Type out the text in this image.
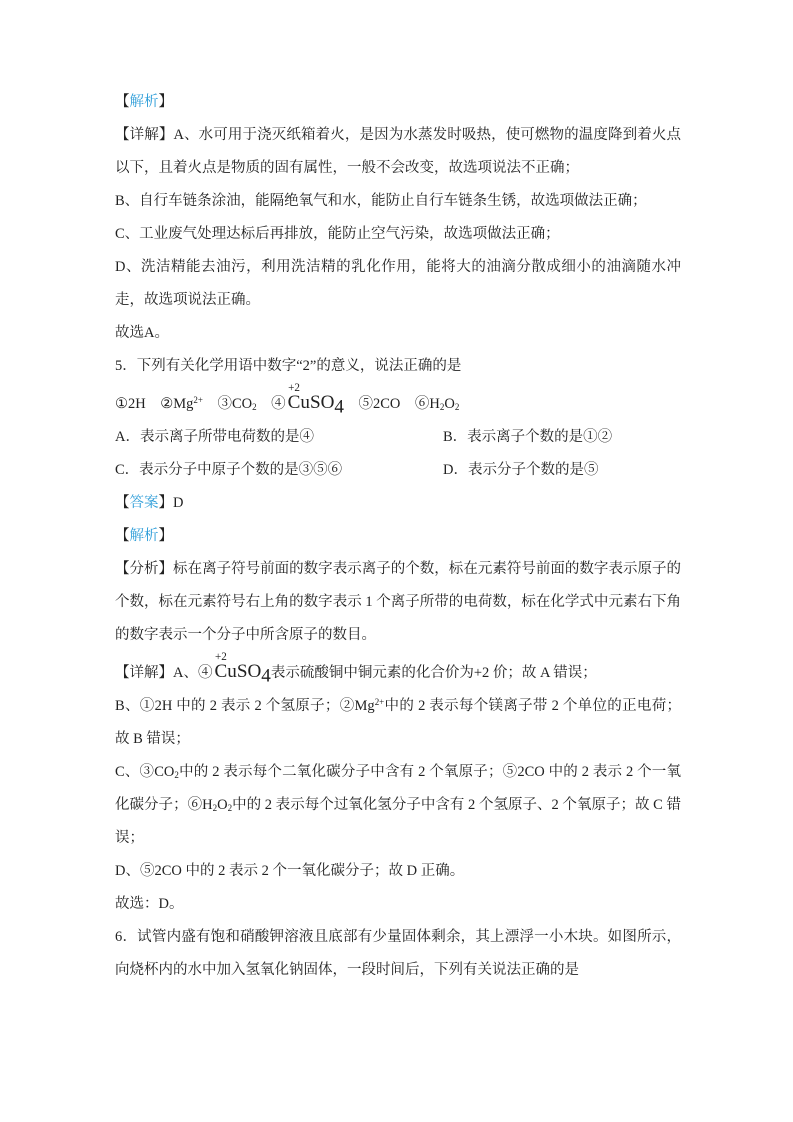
【解析】
【详解】A、水可用于浇灭纸箱着火，是因为水蒸发时吸热，使可燃物的温度降到着火点以下，且着火点是物质的固有属性，一般不会改变，故选项说法不正确；
B、自行车链条涂油，能隔绝氧气和水，能防止自行车链条生锈，故选项做法正确；
C、工业废气处理达标后再排放，能防止空气污染，故选项做法正确；
D、洗洁精能去油污，利用洗洁精的乳化作用，能将大的油滴分散成细小的油滴随水冲走，故选项说法正确。
故选A。
5．下列有关化学用语中数字“2”的意义，说法正确的是
①2H　$②Mg^{2+}$　$③CO_2$　④
+2
CuSO$_4$　⑤2CO　$⑥H_2O_2$
A．表示离子所带电荷数的是④	B．表示离子个数的是①②
C．表示分子中原子个数的是③⑤⑥	D．表示分子个数的是⑤
【答案】D
【解析】
【分析】标在离子符号前面的数字表示离子的个数，标在元素符号前面的数字表示原子的个数，标在元素符号右上角的数字表示 1 个离子所带的电荷数，标在化学式中元素右下角的数字表示一个分子中所含原子的数目。
【详解】A、④
+2
CuSO$_4$表示硫酸铜中铜元素的化合价为+2 价；故 A 错误；
B、①2H 中的 2 表示 2 个氢原子；$②Mg^{2+}$中的 2 表示每个镁离子带 2 个单位的正电荷；故 B 错误；
C、$③CO_2$中的 2 表示每个二氧化碳分子中含有 2 个氧原子；⑤2CO 中的 2 表示 2 个一氧化碳分子；$⑥H_2O_2$中的 2 表示每个过氧化氢分子中含有 2 个氢原子、2 个氧原子；故 C 错误；
D、⑤2CO 中的 2 表示 2 个一氧化碳分子；故 D 正确。
故选：D。
6．试管内盛有饱和硝酸钾溶液且底部有少量固体剩余，其上漂浮一小木块。如图所示，向烧杯内的水中加入氢氧化钠固体，一段时间后，下列有关说法正确的是
